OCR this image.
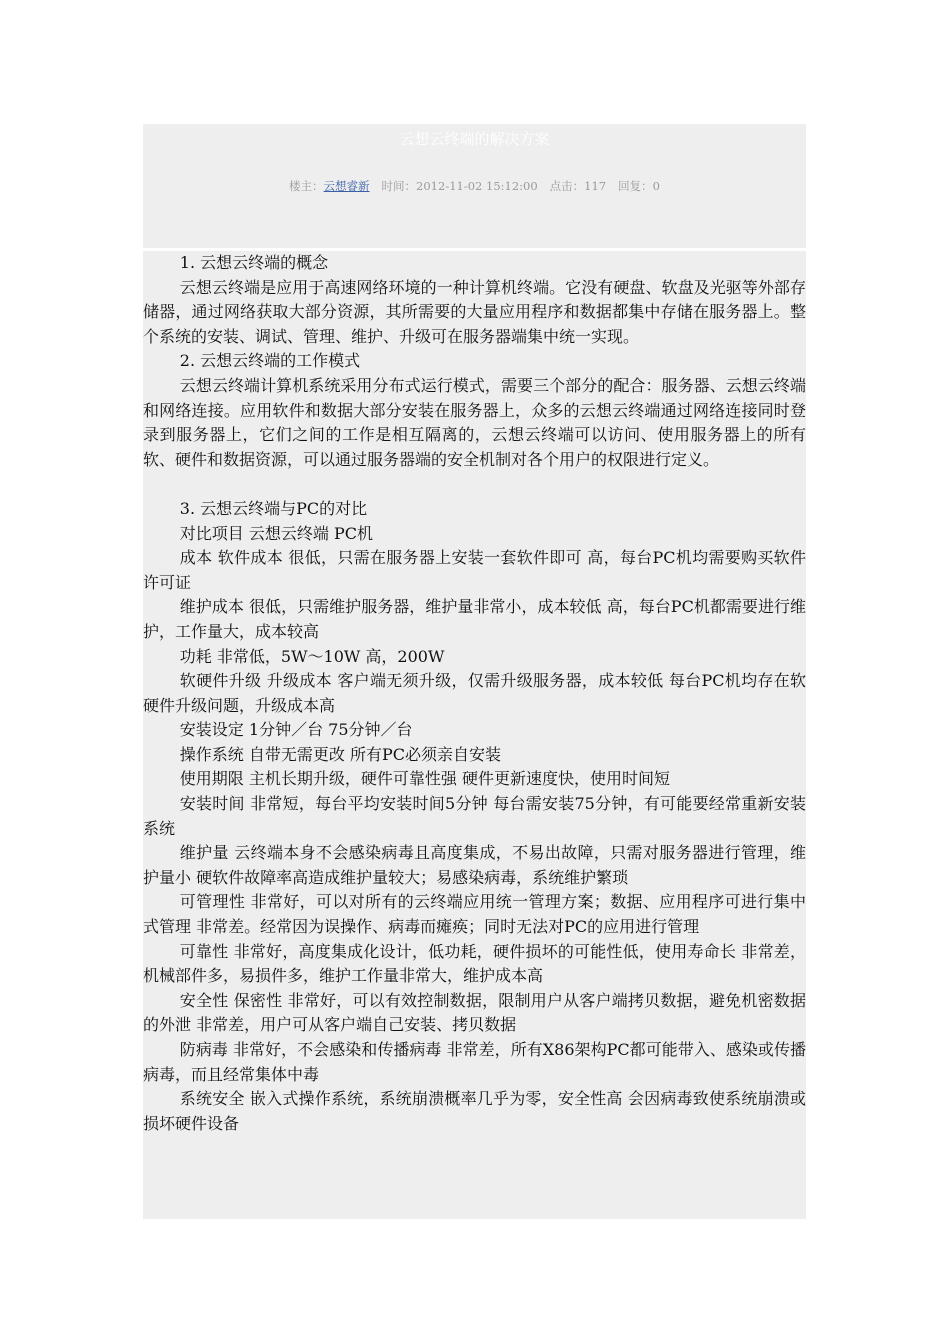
云想云终端的解决方案
楼主：云想睿新 时间：2012-11-02 15:12:00 点击：117 回复：0

1. 云想云终端的概念

云想云终端是应用于高速网络环境的一种计算机终端。它没有硬盘、软盘及光驱等外部存储器，通过网络获取大部分资源，其所需要的大量应用程序和数据都集中存储在服务器上。整个系统的安装、调试、管理、维护、升级可在服务器端集中统一实现。

2. 云想云终端的工作模式

云想云终端计算机系统采用分布式运行模式，需要三个部分的配合：服务器、云想云终端和网络连接。应用软件和数据大部分安装在服务器上，众多的云想云终端通过网络连接同时登录到服务器上，它们之间的工作是相互隔离的，云想云终端可以访问、使用服务器上的所有软、硬件和数据资源，可以通过服务器端的安全机制对各个用户的权限进行定义。

3. 云想云终端与PC的对比

对比项目 云想云终端 PC机

成本 软件成本 很低，只需在服务器上安装一套软件即可 高，每台PC机均需要购买软件许可证

维护成本 很低，只需维护服务器，维护量非常小，成本较低 高，每台PC机都需要进行维护，工作量大，成本较高

功耗 非常低，5W～10W 高，200W

软硬件升级 升级成本 客户端无须升级，仅需升级服务器，成本较低 每台PC机均存在软硬件升级问题，升级成本高

安装设定 1分钟／台 75分钟／台

操作系统 自带无需更改 所有PC必须亲自安装

使用期限 主机长期升级，硬件可靠性强 硬件更新速度快，使用时间短

安装时间 非常短，每台平均安装时间5分钟 每台需安装75分钟，有可能要经常重新安装系统

维护量 云终端本身不会感染病毒且高度集成，不易出故障，只需对服务器进行管理，维护量小 硬软件故障率高造成维护量较大；易感染病毒，系统维护繁琐

可管理性 非常好，可以对所有的云终端应用统一管理方案；数据、应用程序可进行集中式管理 非常差。经常因为误操作、病毒而瘫痪；同时无法对PC的应用进行管理

可靠性 非常好，高度集成化设计，低功耗，硬件损坏的可能性低，使用寿命长 非常差，机械部件多，易损件多，维护工作量非常大，维护成本高

安全性 保密性 非常好，可以有效控制数据，限制用户从客户端拷贝数据，避免机密数据的外泄 非常差，用户可从客户端自己安装、拷贝数据

防病毒 非常好，不会感染和传播病毒 非常差，所有X86架构PC都可能带入、感染或传播病毒，而且经常集体中毒

系统安全 嵌入式操作系统，系统崩溃概率几乎为零，安全性高 会因病毒致使系统崩溃或损坏硬件设备
